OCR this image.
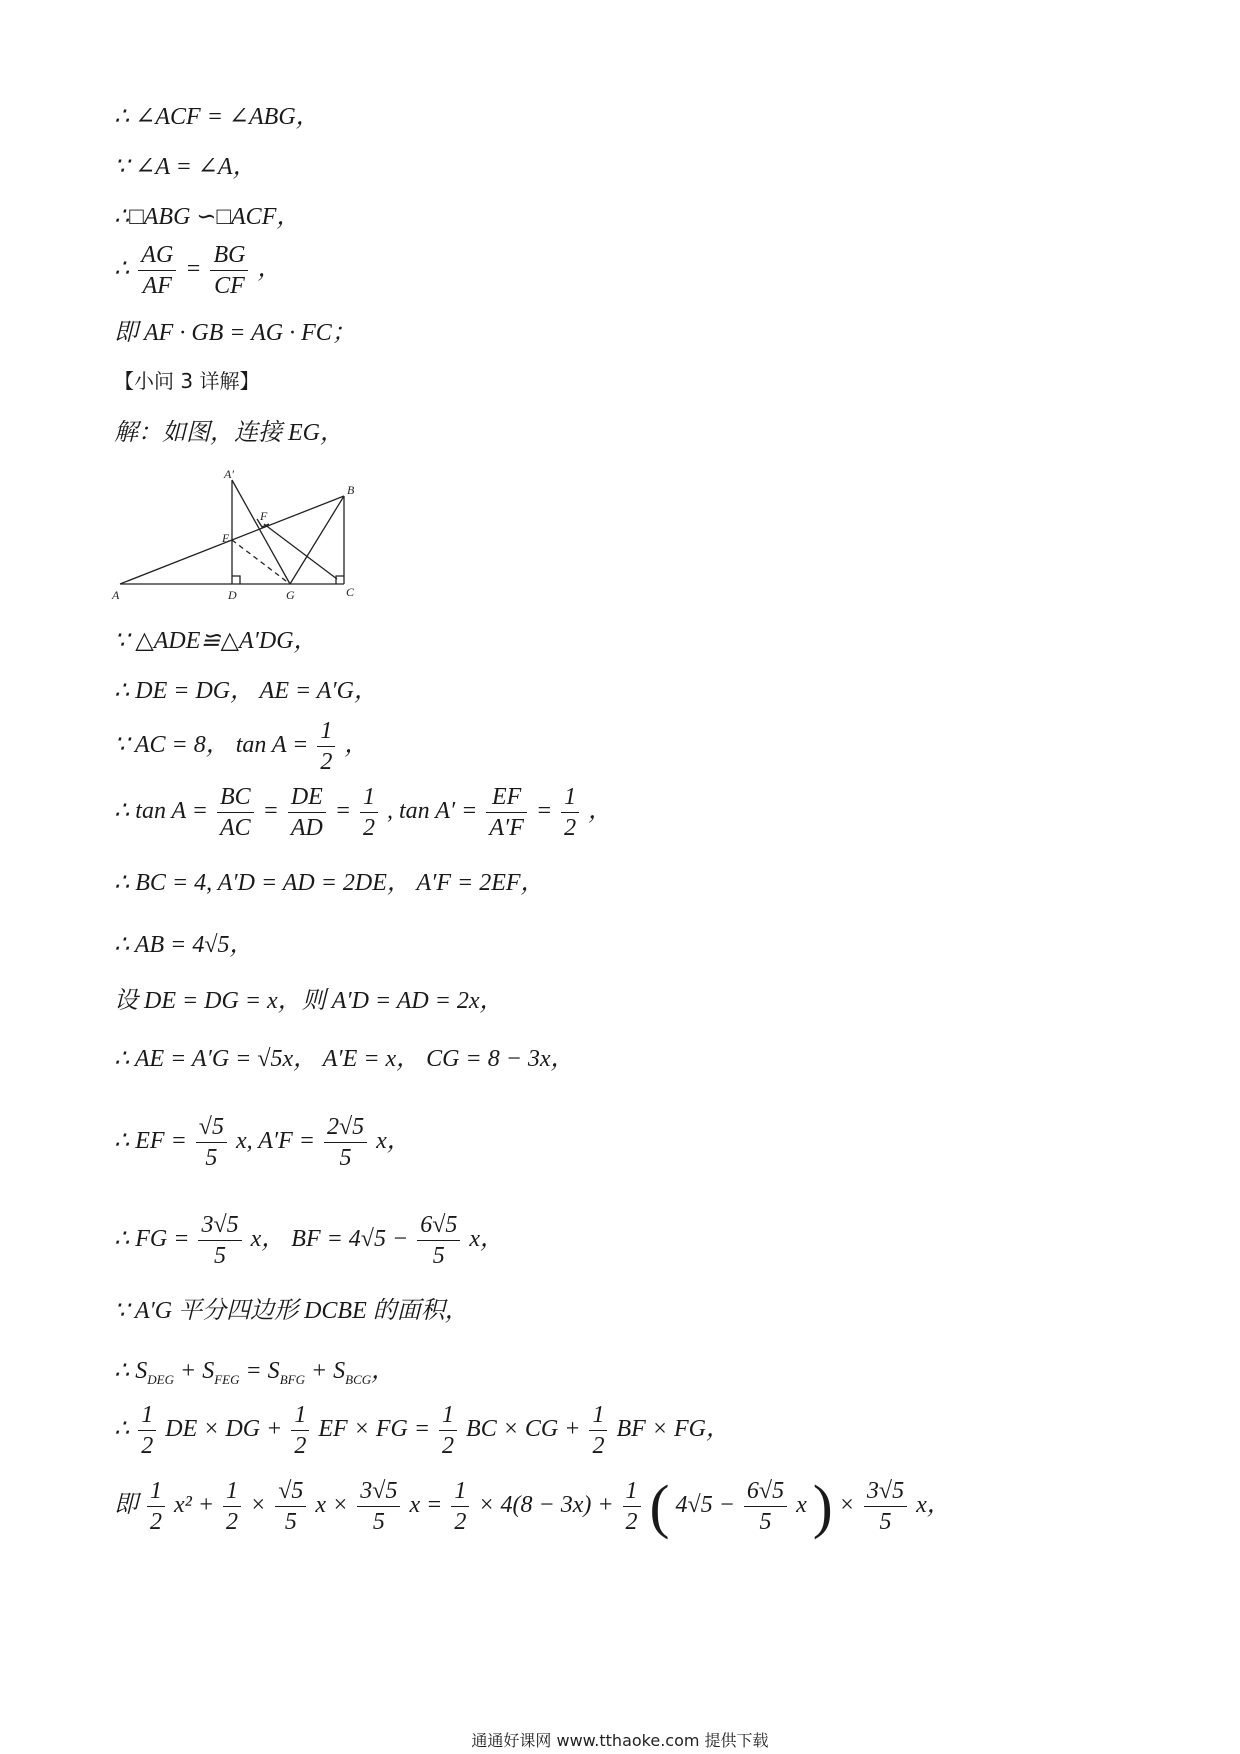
∴ ∠ACF = ∠ABG，
∵ ∠A = ∠A，
∴□ABG ∽□ACF，
∴ $\frac{AG}{AF} = \frac{BG}{CF}$ ，
即 AF · GB = AG · FC；
【小问 3 详解】
解：如图，连接 EG，
A	D	G	C
B
E
F
A′
∵ △ADE≌△A′DG，
∴ DE = DG， AE = A′G，
∵ AC = 8， $\tan A = \frac{1}{2}$ ，
∴ $\tan A = \frac{BC}{AC} = \frac{DE}{AD} = \frac{1}{2}$ , $\tan A' = \frac{EF}{A'F} = \frac{1}{2}$ ，
∴ BC = 4, A′D = AD = 2DE， A′F = 2EF，
∴ AB = 4√5，
设 DE = DG = x，则 A′D = AD = 2x，
∴ AE = A′G = √5x， A′E = x， CG = 8 − 3x，
∴ EF = $\frac{√5}{5} x$, $A'F = \frac{2√5}{5}$ x，
∴ FG = $\frac{3√5}{5}$ x， BF = $4√5 - \frac{6√5}{5}$ x，
∵ A′G 平分四边形 DCBE 的面积，
∴ $S_{DEG} + S_{FEG} = S_{BFG} + S_{BCG}$，
∴ $\frac{1}{2}$ DE × DG + $\frac{1}{2}$ EF × FG = $\frac{1}{2}$ BC × CG + $\frac{1}{2}$ BF × FG，
即 $\frac{1}{2} x^2 + \frac{1}{2} \times \frac{√5}{5}$ $x \times \frac{3√5}{5}$ $x = \frac{1}{2} \times 4(8 - 3x) + \frac{1}{2}$ ( $4√5 - \frac{6√5}{5}$ x ) × $\frac{3√5}{5}$ x，
通通好课网 www.tthaoke.com 提供下载
